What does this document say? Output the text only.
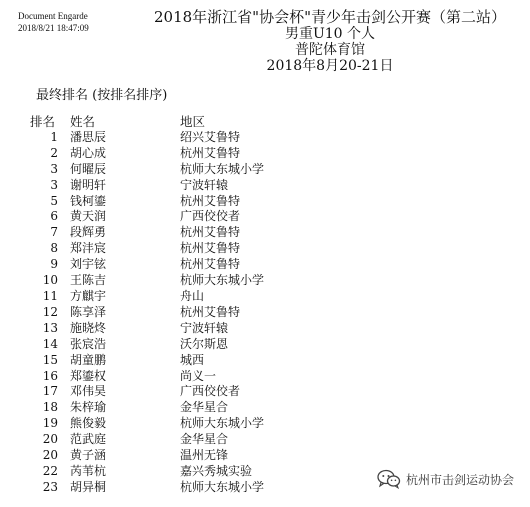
Document Engarde
2018/8/21 18:47:09
2018年浙江省"协会杯"青少年击剑公开赛（第二站）
男重U10 个人
普陀体育馆
2018年8月20-21日
最终排名 (按排名排序)
排名	姓名	地区
1	潘思辰	绍兴艾鲁特
2	胡心成	杭州艾鲁特
3	何曜辰	杭师大东城小学
3	谢明轩	宁波轩辕
5	钱柯鎏	杭州艾鲁特
6	黄天润	广西佼佼者
7	段辉勇	杭州艾鲁特
8	郑沣宸	杭州艾鲁特
9	刘宇铉	杭州艾鲁特
10	王陈吉	杭师大东城小学
11	方麒宇	舟山
12	陈享泽	杭州艾鲁特
13	施晓炵	宁波轩辕
14	张宸浩	沃尔斯恩
15	胡童鹏	城西
16	郑鎏权	尚义一
17	邓伟昊	广西佼佼者
18	朱梓瑜	金华星合
19	熊俊毅	杭师大东城小学
20	范武庭	金华星合
20	黄子涵	温州无锋
22	芮苇杭	嘉兴秀城实验
23	胡异桐	杭师大东城小学
杭州市击剑运动协会
